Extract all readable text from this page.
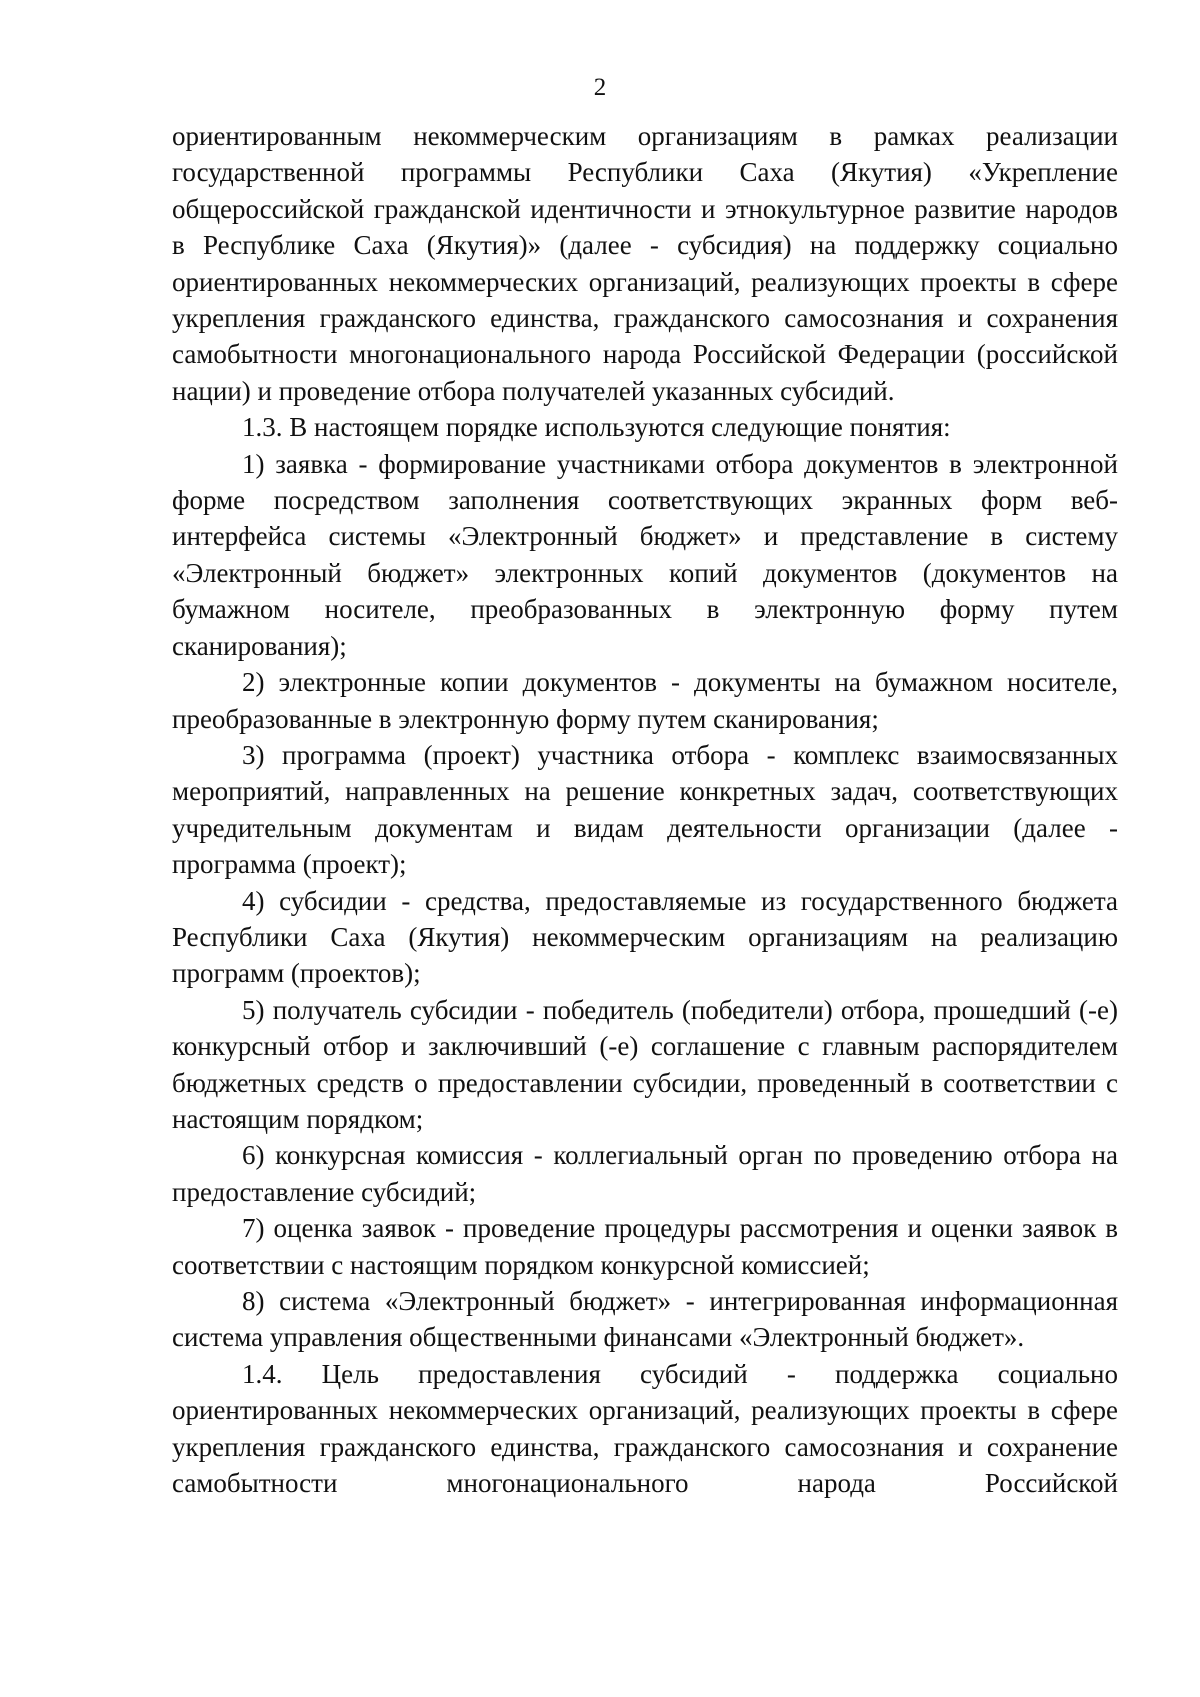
2

ориентированным некоммерческим организациям в рамках реализации государственной программы Республики Саха (Якутия) «Укрепление общероссийской гражданской идентичности и этнокультурное развитие народов в Республике Саха (Якутия)» (далее - субсидия) на поддержку социально ориентированных некоммерческих организаций, реализующих проекты в сфере укрепления гражданского единства, гражданского самосознания и сохранения самобытности многонационального народа Российской Федерации (российской нации) и проведение отбора получателей указанных субсидий.

1.3. В настоящем порядке используются следующие понятия:

1) заявка - формирование участниками отбора документов в электронной форме посредством заполнения соответствующих экранных форм веб-интерфейса системы «Электронный бюджет» и представление в систему «Электронный бюджет» электронных копий документов (документов на бумажном носителе, преобразованных в электронную форму путем сканирования);

2) электронные копии документов - документы на бумажном носителе, преобразованные в электронную форму путем сканирования;

3) программа (проект) участника отбора - комплекс взаимосвязанных мероприятий, направленных на решение конкретных задач, соответствующих учредительным документам и видам деятельности организации (далее - программа (проект);

4) субсидии - средства, предоставляемые из государственного бюджета Республики Саха (Якутия) некоммерческим организациям на реализацию программ (проектов);

5) получатель субсидии - победитель (победители) отбора, прошедший (-е) конкурсный отбор и заключивший (-е) соглашение с главным распорядителем бюджетных средств о предоставлении субсидии, проведенный в соответствии с настоящим порядком;

6) конкурсная комиссия - коллегиальный орган по проведению отбора на предоставление субсидий;

7) оценка заявок - проведение процедуры рассмотрения и оценки заявок в соответствии с настоящим порядком конкурсной комиссией;

8) система «Электронный бюджет» - интегрированная информационная система управления общественными финансами «Электронный бюджет».

1.4. Цель предоставления субсидий - поддержка социально ориентированных некоммерческих организаций, реализующих проекты в сфере укрепления гражданского единства, гражданского самосознания и сохранение самобытности многонационального народа Российской
